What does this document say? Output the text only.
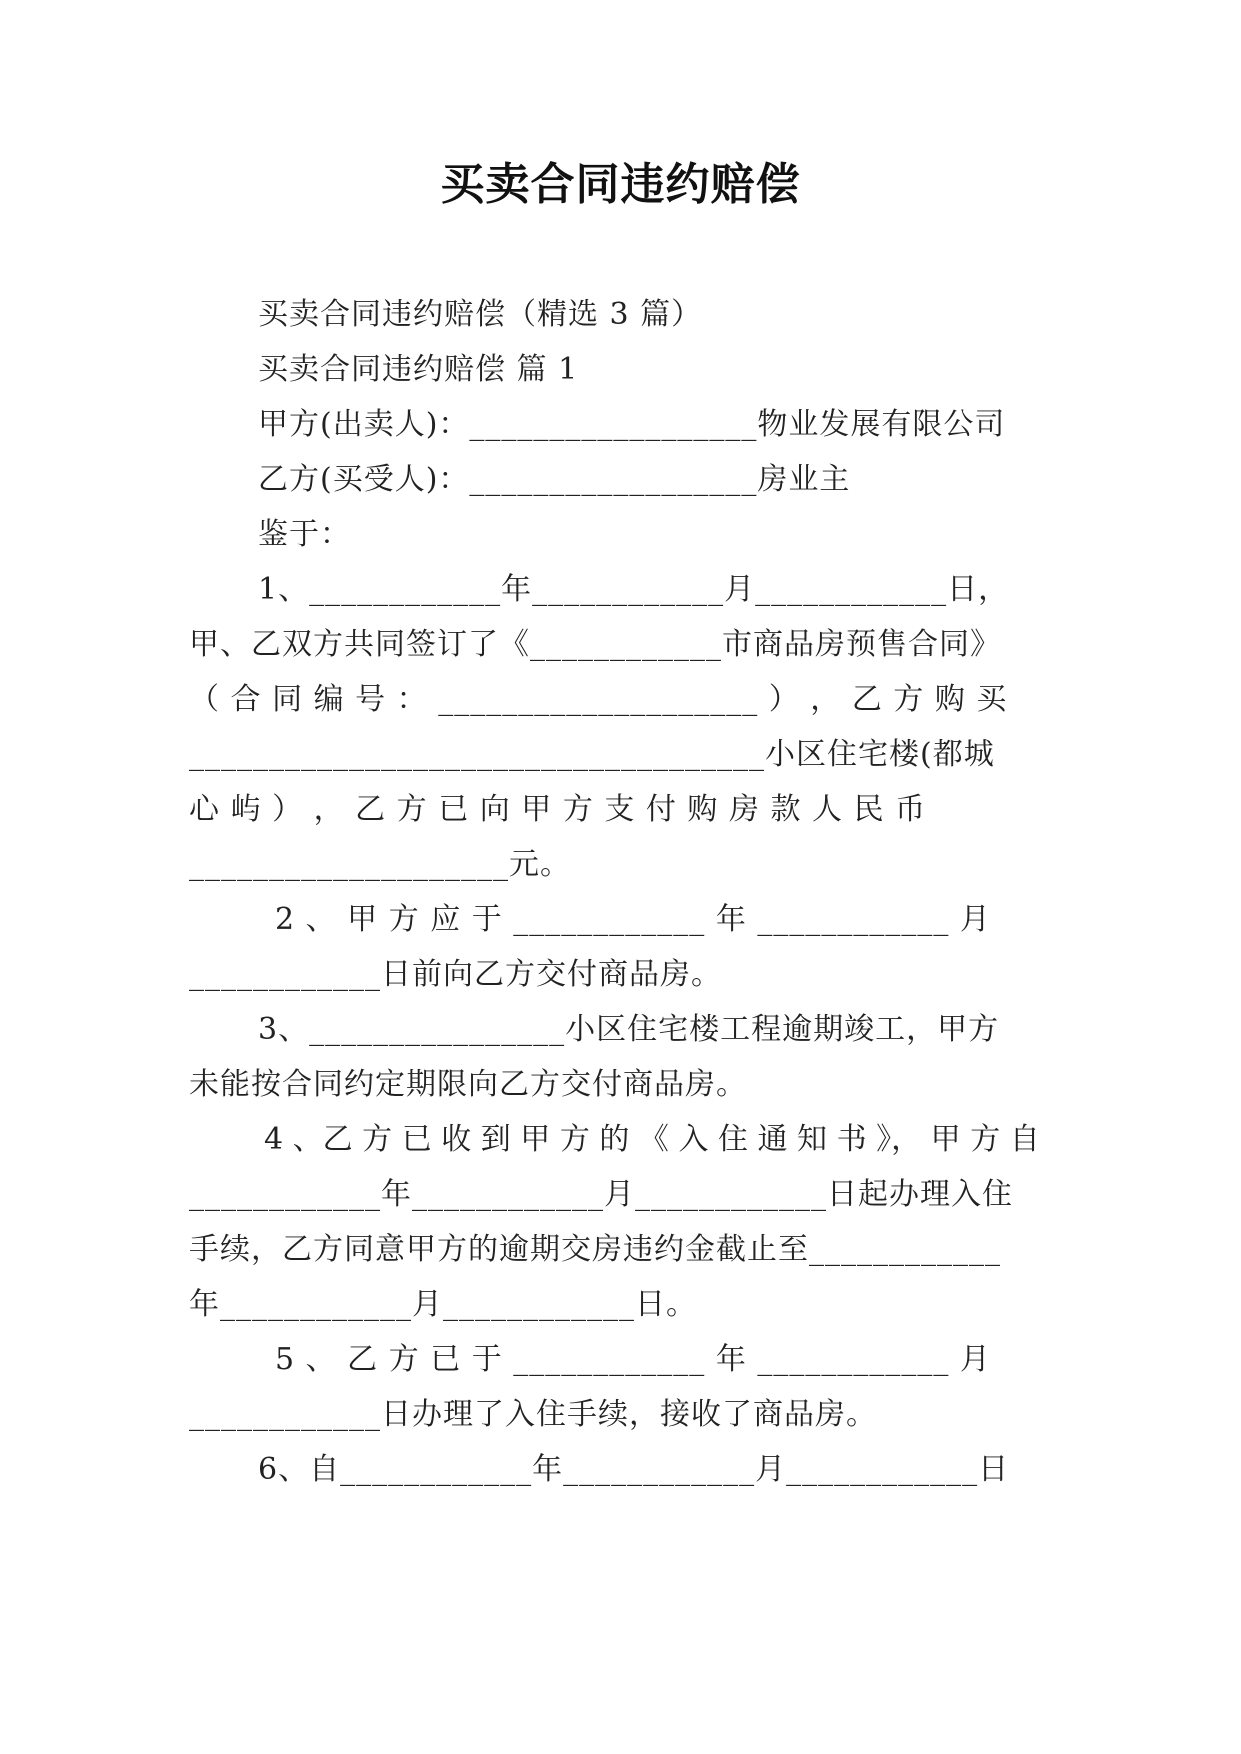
买卖合同违约赔偿
买卖合同违约赔偿（精选 3 篇）
买卖合同违约赔偿 篇 1
甲方(出卖人)：__________________物业发展有限公司
乙方(买受人)：__________________房业主
鉴于：
1、____________年____________月____________日，
甲、乙双方共同签订了《____________市商品房预售合同》
（ 合 同 编 号 ： ____________________ ） ， 乙 方 购 买
____________________________________小区住宅楼(都城
心 屿 ） ， 乙 方 已 向 甲 方 支 付 购 房 款 人 民 币
____________________元。
2 、 甲 方 应 于 ____________ 年 ____________ 月
____________日前向乙方交付商品房。
3、________________小区住宅楼工程逾期竣工，甲方
未能按合同约定期限向乙方交付商品房。
4 、乙 方 已 收 到 甲 方 的 《 入 住 通 知 书 》， 甲 方 自
____________年____________月____________日起办理入住
手续，乙方同意甲方的逾期交房违约金截止至____________
年____________月____________日。
5 、 乙 方 已 于 ____________ 年 ____________ 月
____________日办理了入住手续，接收了商品房。
6、自____________年____________月____________日
